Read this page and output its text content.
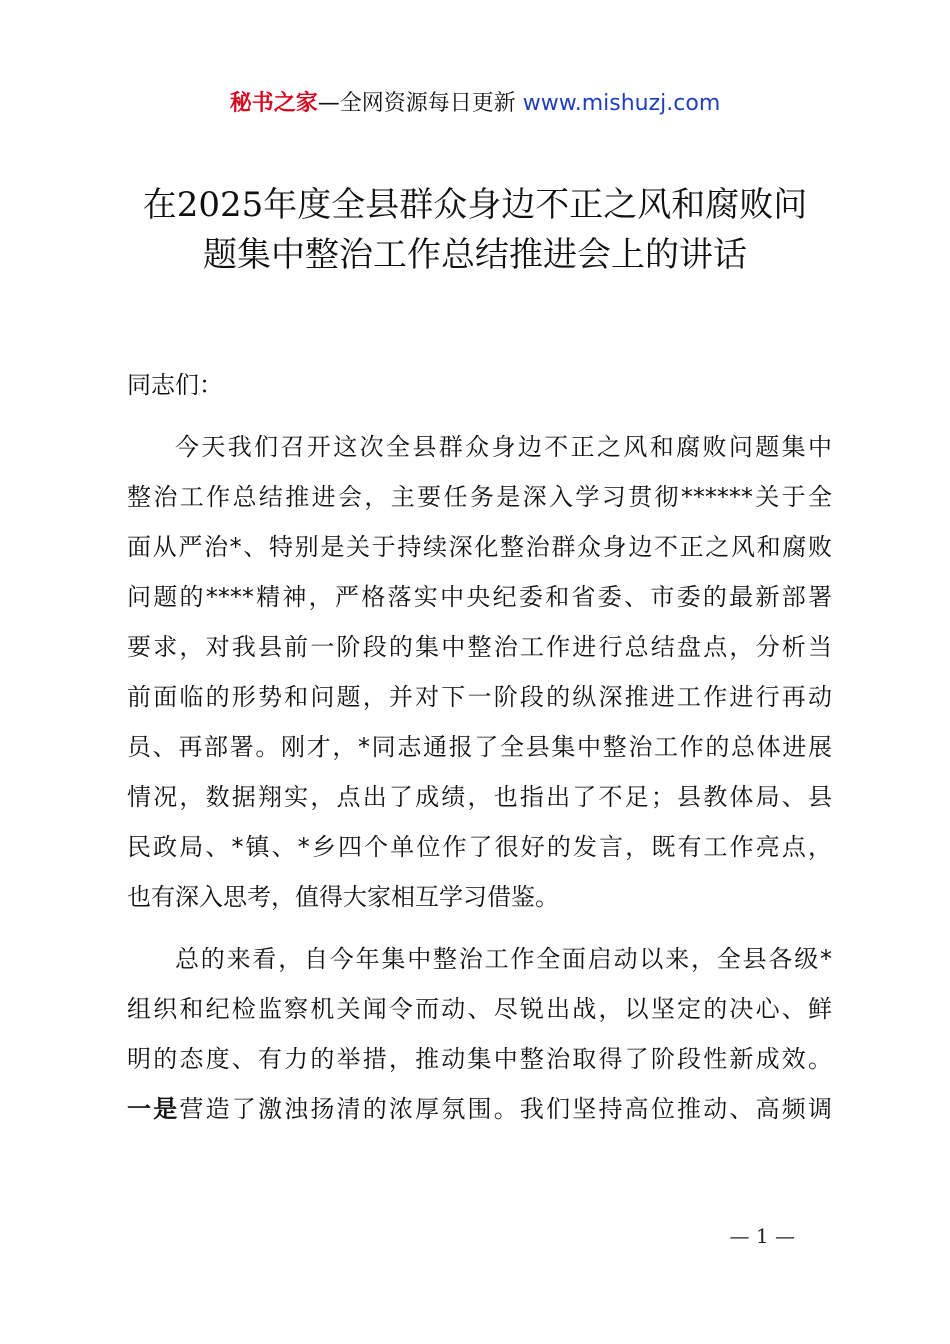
秘书之家—全网资源每日更新 www.mishuzj.com
在2025年度全县群众身边不正之风和腐败问
题集中整治工作总结推进会上的讲话
同志们：
今天我们召开这次全县群众身边不正之风和腐败问题集中
整治工作总结推进会，主要任务是深入学习贯彻******关于全
面从严治*、特别是关于持续深化整治群众身边不正之风和腐败
问题的****精神，严格落实中央纪委和省委、市委的最新部署
要求，对我县前一阶段的集中整治工作进行总结盘点，分析当
前面临的形势和问题，并对下一阶段的纵深推进工作进行再动
员、再部署。刚才，*同志通报了全县集中整治工作的总体进展
情况，数据翔实，点出了成绩，也指出了不足；县教体局、县
民政局、*镇、*乡四个单位作了很好的发言，既有工作亮点，
也有深入思考，值得大家相互学习借鉴。
总的来看，自今年集中整治工作全面启动以来，全县各级*
组织和纪检监察机关闻令而动、尽锐出战，以坚定的决心、鲜
明的态度、有力的举措，推动集中整治取得了阶段性新成效。
一是营造了激浊扬清的浓厚氛围。我们坚持高位推动、高频调
— 1 —
